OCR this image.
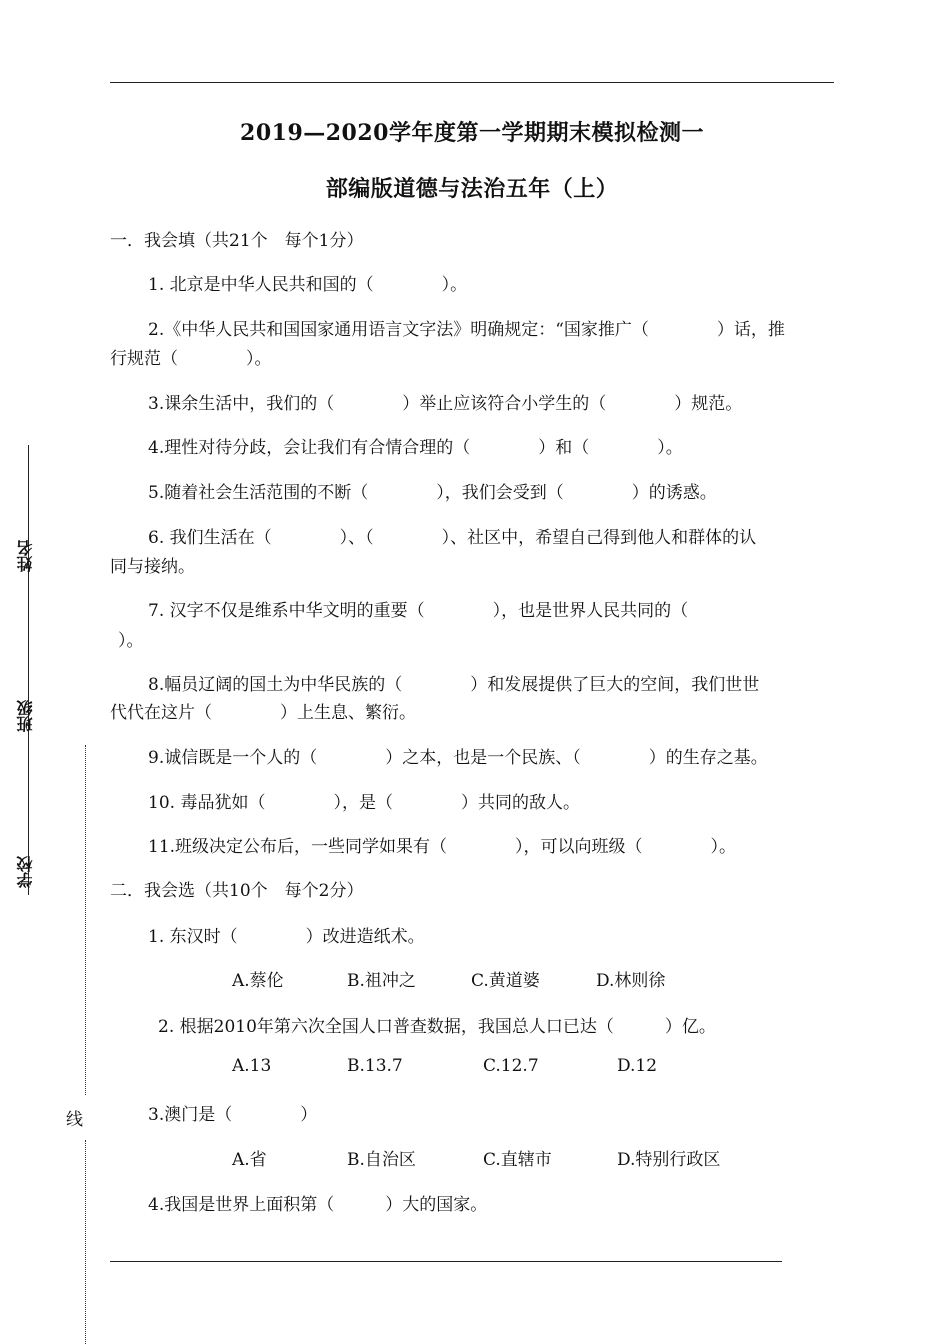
姓名
班级
学校
线
2019—2020学年度第一学期期末模拟检测一
部编版道德与法治五年（上）
一．我会填（共21个　每个1分）
1. 北京是中华人民共和国的（　　　　）。
2.《中华人民共和国国家通用语言文字法》明确规定：“国家推广（　　　　）话，推
行规范（　　　　）。
3.课余生活中，我们的（　　　　）举止应该符合小学生的（　　　　）规范。
4.理性对待分歧，会让我们有合情合理的（　　　　）和（　　　　）。
5.随着社会生活范围的不断（　　　　），我们会受到（　　　　）的诱惑。
6. 我们生活在（　　　　）、（　　　　）、社区中，希望自己得到他人和群体的认
同与接纳。
7. 汉字不仅是维系中华文明的重要（　　　　），也是世界人民共同的（
）。
8.幅员辽阔的国土为中华民族的（　　　　）和发展提供了巨大的空间，我们世世
代代在这片（　　　　）上生息、繁衍。
9.诚信既是一个人的（　　　　）之本，也是一个民族、（　　　　）的生存之基。
10. 毒品犹如（　　　　），是（　　　　）共同的敌人。
11.班级决定公布后，一些同学如果有（　　　　），可以向班级（　　　　）。
二．我会选（共10个　每个2分）
1. 东汉时（　　　　）改进造纸术。
A.蔡伦	B.祖冲之	C.黄道婆	D.林则徐
2. 根据2010年第六次全国人口普查数据，我国总人口已达（　　　）亿。
A.13	B.13.7	C.12.7	D.12
3.澳门是（　　　　）
A.省	B.自治区	C.直辖市	D.特别行政区
4.我国是世界上面积第（　　　）大的国家。
